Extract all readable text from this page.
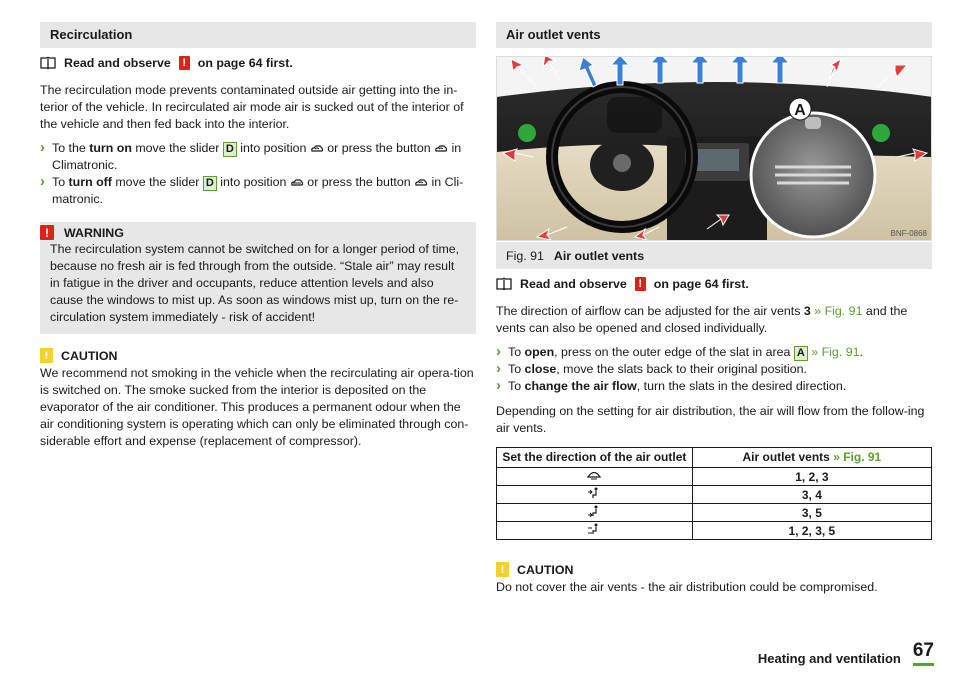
Recirculation
Read and observe	! on page 64 first.

The recirculation mode prevents contaminated outside air getting into the in-terior of the vehicle. In recirculated air mode air is sucked out of the interior of the vehicle and then fed back into the interior.

› To the turn on move the slider D into position or press the button in Climatronic.
› To turn off move the slider D into position or press the button in Cli-matronic.
!	WARNING

The recirculation system cannot be switched on for a longer period of time, because no fresh air is fed through from the outside. “Stale air” may result in fatigue in the driver and occupants, reduce attention levels and also cause the windows to mist up. As soon as windows mist up, turn on the re-circulation system immediately - risk of accident!

!	CAUTION

We recommend not smoking in the vehicle when the recirculating air opera-tion is switched on. The smoke sucked from the interior is deposited on the evaporator of the air conditioner. This produces a permanent odour when the air conditioning system is operating which can only be eliminated through con-siderable effort and expense (replacement of compressor).

Air outlet vents
A
BNF-0868
Fig. 91 Air outlet vents
Read and observe	! on page 64 first.

The direction of airflow can be adjusted for the air vents 3 » Fig. 91 and the vents can also be opened and closed individually.

› To open, press on the outer edge of the slat in area A » Fig. 91.
› To close, move the slats back to their original position.
› To change the air flow, turn the slats in the desired direction.

Depending on the setting for air distribution, the air will flow from the follow-ing air vents.

Set the direction of the air outlet	Air outlet vents » Fig. 91
	1, 2, 3
	3, 4
	3, 5
	1, 2, 3, 5
!	CAUTION

Do not cover the air vents - the air distribution could be compromised.

Heating and ventilation 67
